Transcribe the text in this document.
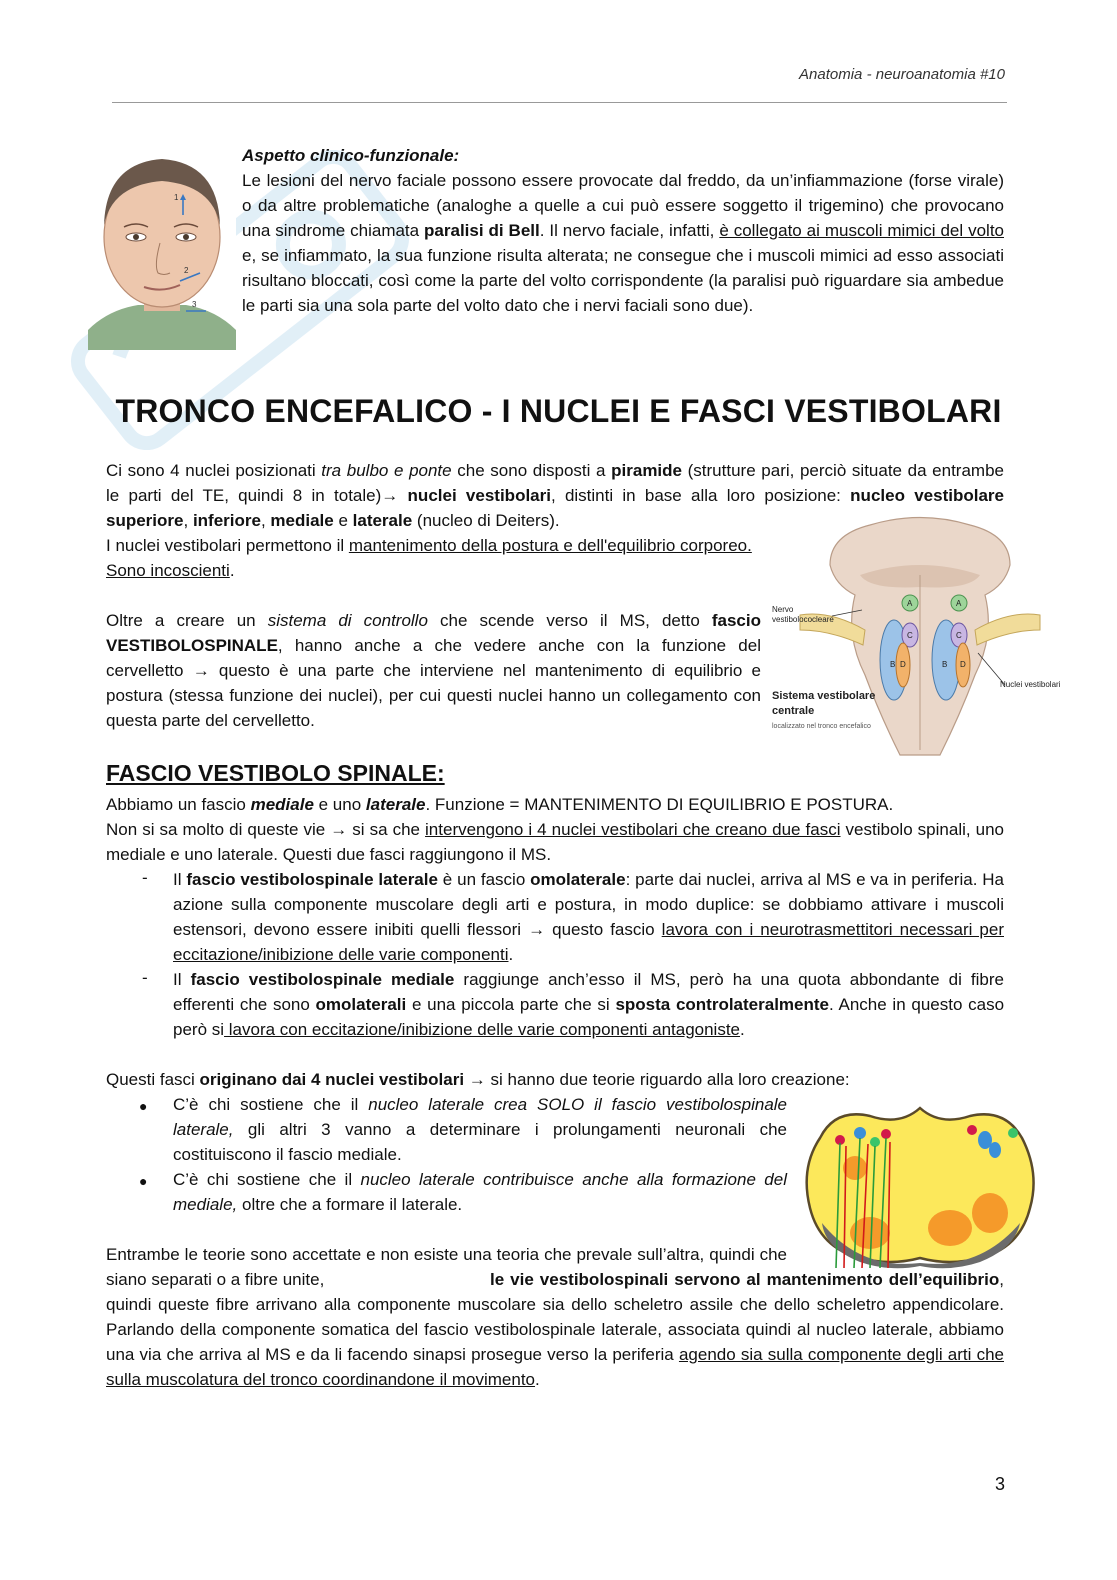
Anatomia - neuroanatomia #10
1
2
3
Aspetto clinico-funzionale:
Le lesioni del nervo faciale possono essere provocate dal freddo, da un’infiammazione (forse virale) o da altre problematiche (analoghe a quelle a cui può essere soggetto il trigemino) che provocano una sindrome chiamata paralisi di Bell. Il nervo faciale, infatti, è collegato ai muscoli mimici del volto e, se infiammato, la sua funzione risulta alterata; ne consegue che i muscoli mimici ad esso associati risultano bloccati, così come la parte del volto corrispondente (la paralisi può riguardare sia ambedue le parti sia una sola parte del volto dato che i nervi faciali sono due).
TRONCO ENCEFALICO - I NUCLEI E FASCI VESTIBOLARI
Ci sono 4 nuclei posizionati tra bulbo e ponte che sono disposti a piramide (strutture pari, perciò situate da entrambe le parti del TE, quindi 8 in totale)→ nuclei vestibolari, distinti in base alla loro posizione: nucleo vestibolare superiore, inferiore, mediale e laterale (nucleo di Deiters).
I nuclei vestibolari permettono il mantenimento della postura e dell'equilibrio corporeo. Sono incoscienti.
Oltre a creare un sistema di controllo che scende verso il MS, detto fascio VESTIBOLOSPINALE, hanno anche a che vedere anche con la funzione del cervelletto → questo è una parte che interviene nel mantenimento di equilibrio e postura (stessa funzione dei nuclei), per cui questi nuclei hanno un collegamento con questa parte del cervelletto.
A	A
C	C
B	B
D	D
Nervo vestibolococleare
Nuclei vestibolari
Sistema vestibolare centrale
localizzato nel tronco encefalico
FASCIO VESTIBOLO SPINALE:
Abbiamo un fascio mediale e uno laterale. Funzione = MANTENIMENTO DI EQUILIBRIO E POSTURA.
Non si sa molto di queste vie → si sa che intervengono i 4 nuclei vestibolari che creano due fasci vestibolo spinali, uno mediale e uno laterale. Questi due fasci raggiungono il MS.
- Il fascio vestibolospinale laterale è un fascio omolaterale: parte dai nuclei, arriva al MS e va in periferia. Ha azione sulla componente muscolare degli arti e postura, in modo duplice: se dobbiamo attivare i muscoli estensori, devono essere inibiti quelli flessori → questo fascio lavora con i neurotrasmettitori necessari per eccitazione/inibizione delle varie componenti.
- Il fascio vestibolospinale mediale raggiunge anch’esso il MS, però ha una quota abbondante di fibre efferenti che sono omolaterali e una piccola parte che si sposta controlateralmente. Anche in questo caso però si lavora con eccitazione/inibizione delle varie componenti antagoniste.
Questi fasci originano dai 4 nuclei vestibolari → si hanno due teorie riguardo alla loro creazione:
● C’è chi sostiene che il nucleo laterale crea SOLO il fascio vestibolospinale laterale, gli altri 3 vanno a determinare i prolungamenti neuronali che costituiscono il fascio mediale.
● C’è chi sostiene che il nucleo laterale contribuisce anche alla formazione del mediale, oltre che a formare il laterale.
Entrambe le teorie sono accettate e non esiste una teoria che prevale sull’altra, quindi che siano separati o a fibre unite,	le vie vestibolospinali servono al mantenimento dell’equilibrio, quindi queste fibre arrivano alla componente muscolare sia dello scheletro assile che dello scheletro appendicolare. Parlando della componente somatica del fascio vestibolospinale laterale, associata quindi al nucleo laterale, abbiamo una via che arriva al MS e da li facendo sinapsi prosegue verso la periferia agendo sia sulla componente degli arti che sulla muscolatura del tronco coordinandone il movimento.
3
